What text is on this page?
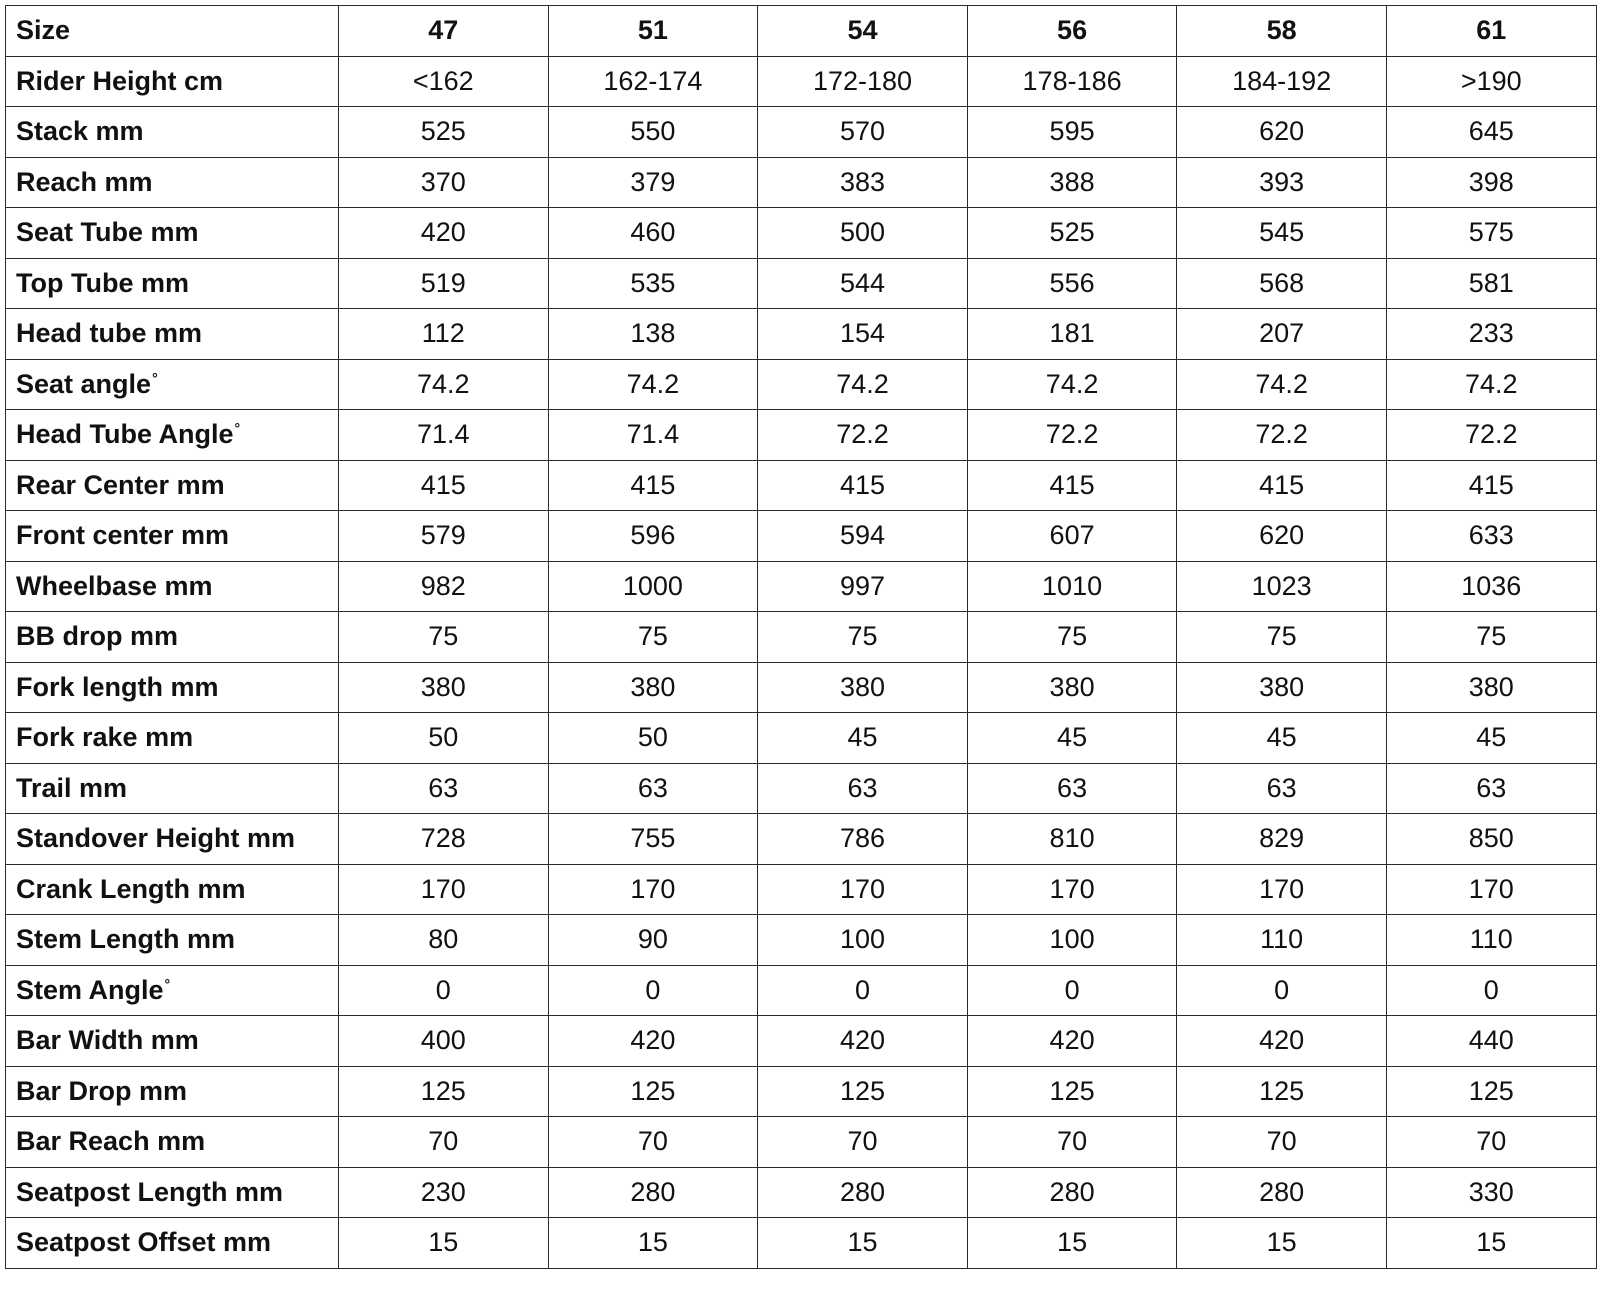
Size	47	51	54	56	58	61
Rider Height cm	<162	162-174	172-180	178-186	184-192	>190
Stack mm	525	550	570	595	620	645
Reach mm	370	379	383	388	393	398
Seat Tube mm	420	460	500	525	545	575
Top Tube mm	519	535	544	556	568	581
Head tube mm	112	138	154	181	207	233
Seat angle°	74.2	74.2	74.2	74.2	74.2	74.2
Head Tube Angle°	71.4	71.4	72.2	72.2	72.2	72.2
Rear Center mm	415	415	415	415	415	415
Front center mm	579	596	594	607	620	633
Wheelbase mm	982	1000	997	1010	1023	1036
BB drop mm	75	75	75	75	75	75
Fork length mm	380	380	380	380	380	380
Fork rake mm	50	50	45	45	45	45
Trail mm	63	63	63	63	63	63
Standover Height mm	728	755	786	810	829	850
Crank Length mm	170	170	170	170	170	170
Stem Length mm	80	90	100	100	110	110
Stem Angle°	0	0	0	0	0	0
Bar Width mm	400	420	420	420	420	440
Bar Drop mm	125	125	125	125	125	125
Bar Reach mm	70	70	70	70	70	70
Seatpost Length mm	230	280	280	280	280	330
Seatpost Offset mm	15	15	15	15	15	15
